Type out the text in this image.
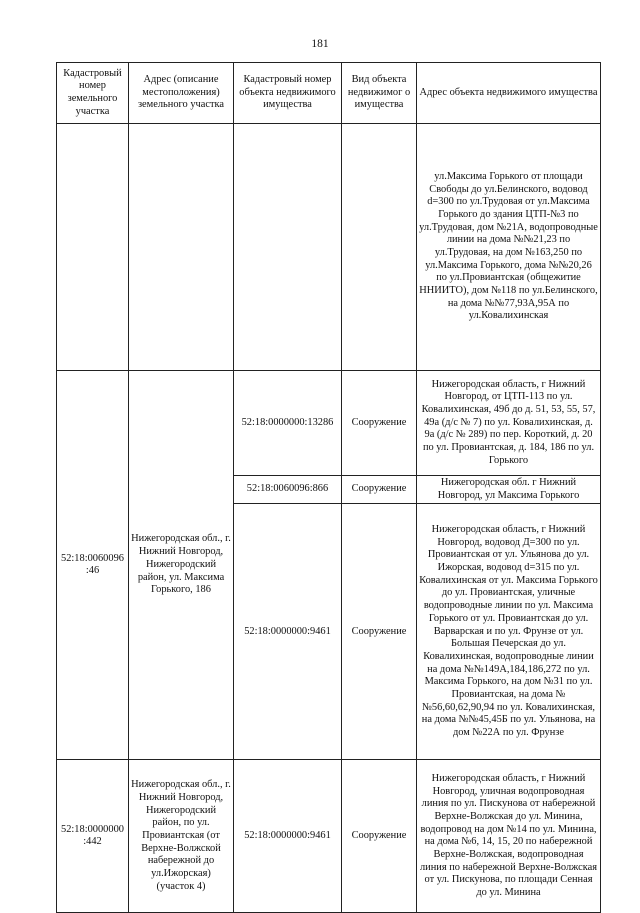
181
Кадастровый номер земельного участка	Адрес (описание местоположения) земельного участка	Кадастровый номер объекта недвижимого имущества	Вид объекта недвижимог о имущества	Адрес объекта недвижимого имущества
				ул.Максима Горького от площади Свободы до ул.Белинского, водовод d=300 по ул.Трудовая от ул.Максима Горького до здания ЦТП-№3 по ул.Трудовая, дом №21А, водопроводные линии на дома №№21,23 по ул.Трудовая, на дом №163,250 по ул.Максима Горького, дома №№20,26 по ул.Провиантская (общежитие ННИИТО), дом №118 по ул.Белинского, на дома №№77,93А,95А по ул.Ковалихинская
52:18:0060096 :46	Нижегородская обл., г. Нижний Новгород, Нижегородский район, ул. Максима Горького, 186	52:18:0000000:13286	Сооружение	Нижегородская область, г Нижний Новгород, от ЦТП-113 по ул. Ковалихинская, 49б до д. 51, 53, 55, 57, 49а (д/с № 7) по ул. Ковалихинская, д. 9а (д/с № 289) по пер. Короткий, д. 20 по ул. Провиантская, д. 184, 186 по ул. Горького
		52:18:0060096:866	Сооружение	Нижегородская обл. г Нижний Новгород, ул Максима Горького
		52:18:0000000:9461	Сооружение	Нижегородская область, г Нижний Новгород, водовод Д=300 по ул. Провиантская от ул. Ульянова до ул. Ижорская, водовод d=315 по ул. Ковалихинская от ул. Максима Горького до ул. Провиантская, уличные водопроводные линии по ул. Максима Горького от ул. Провиантская до ул. Варварская и по ул. Фрунзе от ул. Большая Печерская до ул. Ковалихинская, водопроводные линии на дома №№149А,184,186,272 по ул. Максима Горького, на дом №31 по ул. Провиантская, на дома №№56,60,62,90,94 по ул. Ковалихинская, на дома №№45,45Б по ул. Ульянова, на дом №22А по ул. Фрунзе
52:18:0000000 :442	Нижегородская обл., г. Нижний Новгород, Нижегородский район, по ул. Провиантская (от Верхне-Волжской набережной до ул.Ижорская) (участок 4)	52:18:0000000:9461	Сооружение	Нижегородская область, г Нижний Новгород, уличная водопроводная линия по ул. Пискунова от набережной Верхне-Волжская до ул. Минина, водопровод на дом №14 по ул. Минина, на дома №6, 14, 15, 20 по набережной Верхне-Волжская, водопроводная линия по набережной Верхне-Волжская от ул. Пискунова, по площади Сенная до ул. Минина
